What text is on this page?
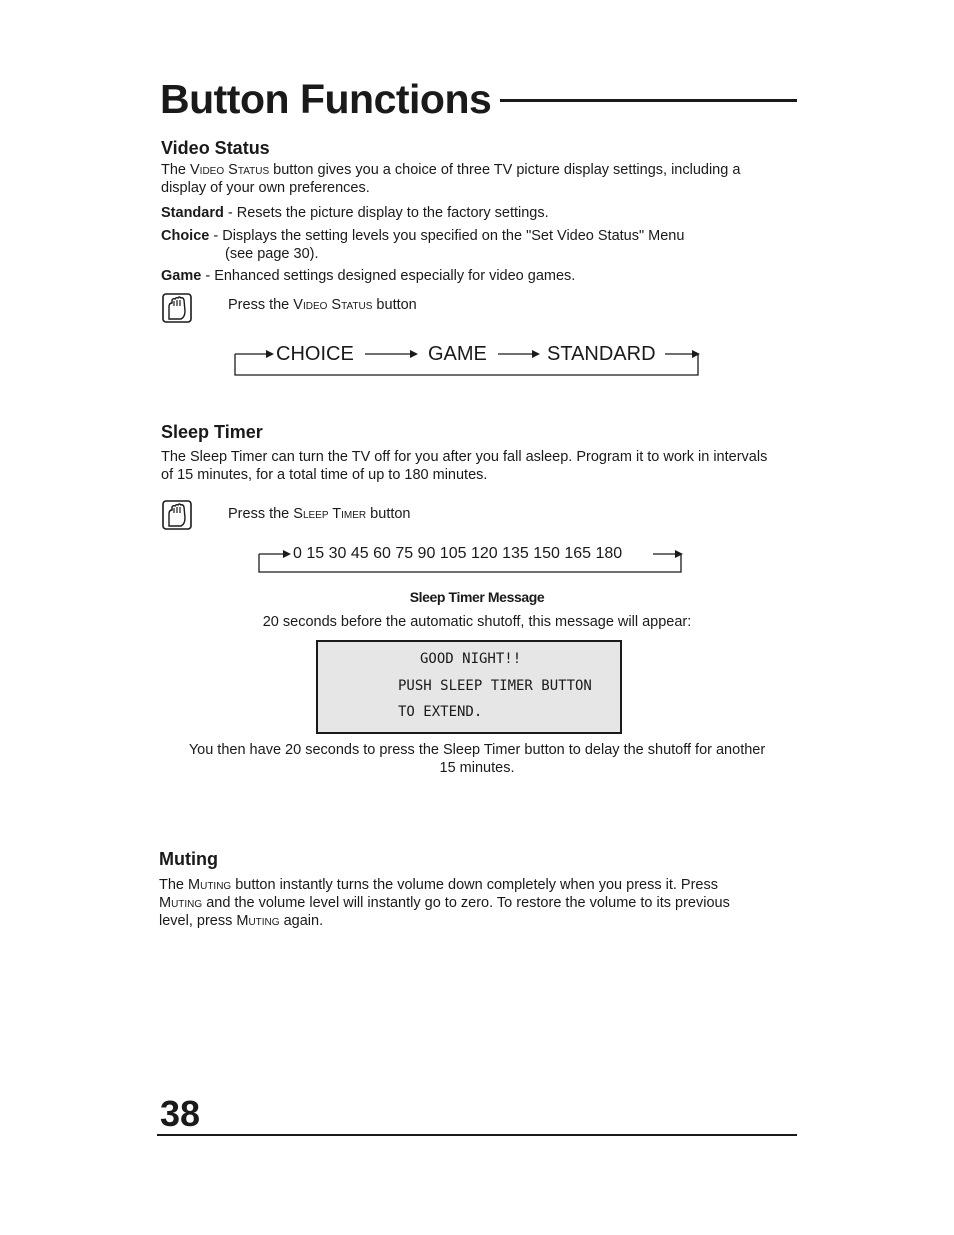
Button Functions
Video Status
The Video Status button gives you a choice of three TV picture display settings, including a
display of your own preferences.
Standard - Resets the picture display to the factory settings.
Choice - Displays the setting levels you specified on the "Set Video Status" Menu
(see page 30).
Game - Enhanced settings designed especially for video games.
Press the Video Status button
CHOICE	GAME	STANDARD
Sleep Timer
The Sleep Timer can turn the TV off for you after you fall asleep. Program it to work in intervals
of 15 minutes, for a total time of up to 180 minutes.
Press the Sleep Timer button
0 15 30 45 60 75 90 105 120 135 150 165 180
Sleep Timer Message
20 seconds before the automatic shutoff, this message will appear:
GOOD NIGHT!!
PUSH SLEEP TIMER BUTTON
TO EXTEND.
You then have 20 seconds to press the Sleep Timer button to delay the shutoff for another
15 minutes.
Muting
The Muting button instantly turns the volume down completely when you press it. Press
Muting and the volume level will instantly go to zero. To restore the volume to its previous
level, press Muting again.
38
